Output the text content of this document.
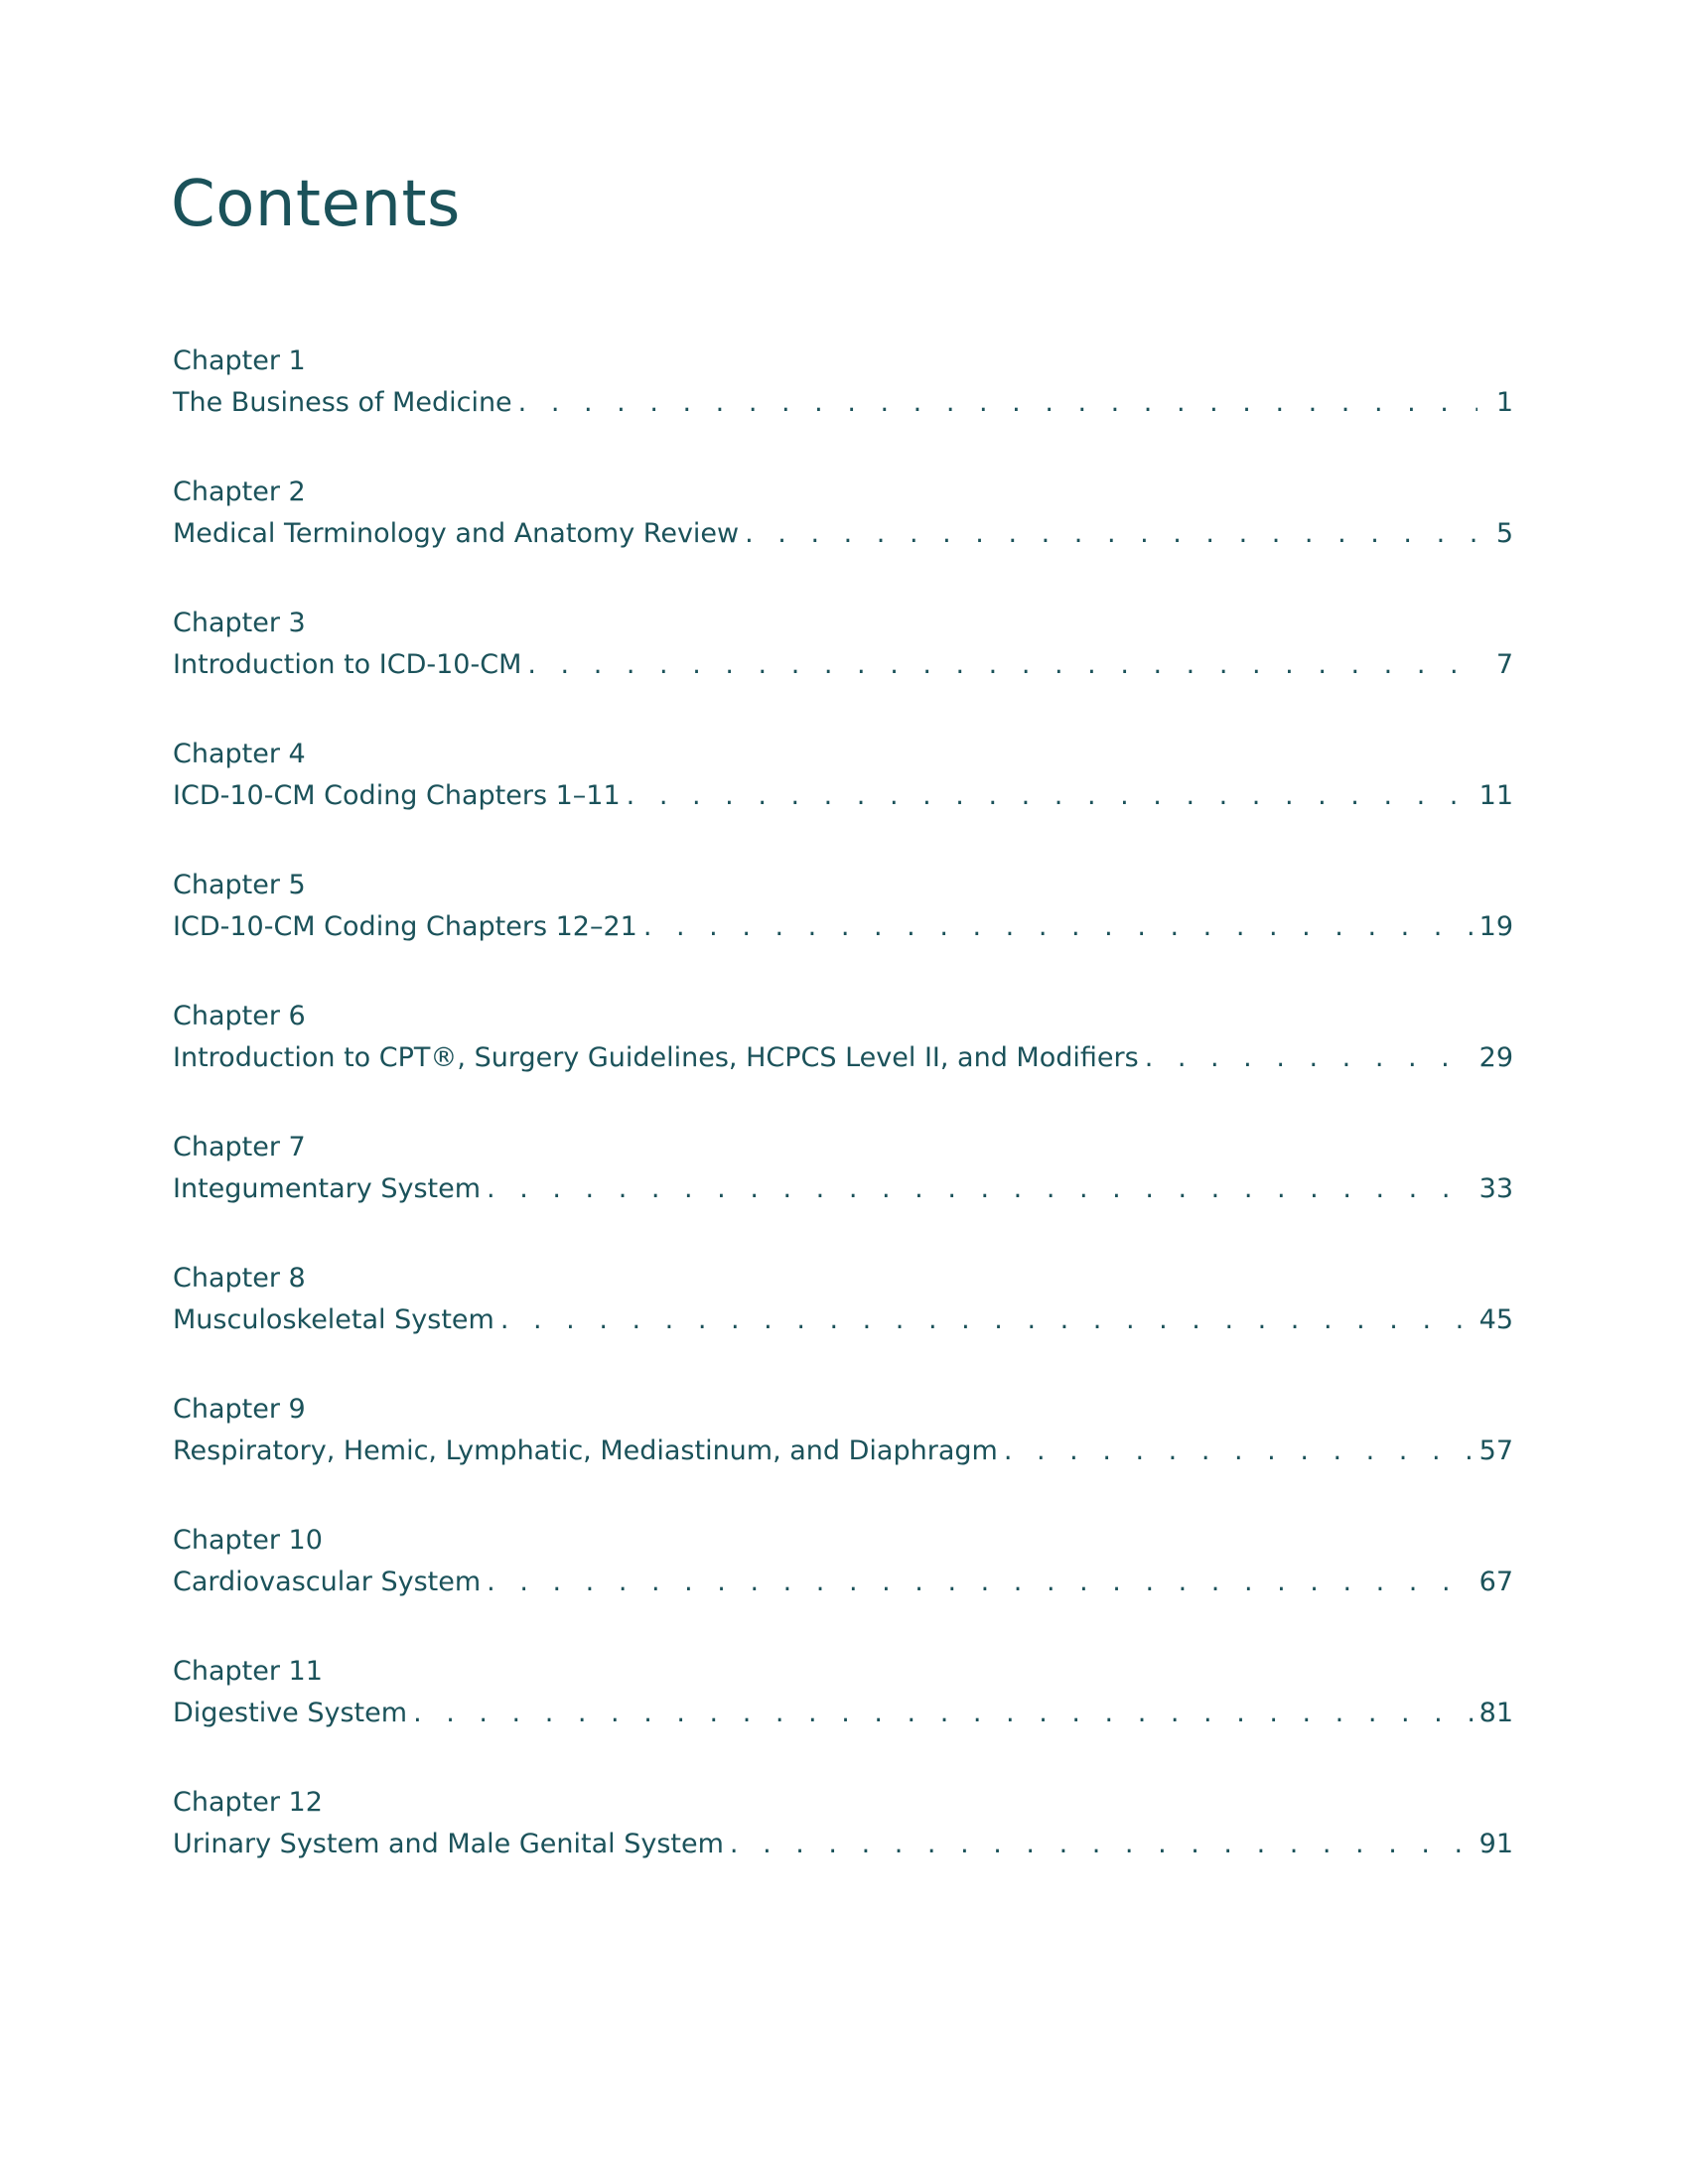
Contents
Chapter 1
The Business of Medicine . . .	1
Chapter 2
Medical Terminology and Anatomy Review . . .	5
Chapter 3
Introduction to ICD-10-CM . . .	7
Chapter 4
ICD-10-CM Coding Chapters 1–11 . . .	11
Chapter 5
ICD-10-CM Coding Chapters 12–21 . . .	19
Chapter 6
Introduction to CPT®, Surgery Guidelines, HCPCS Level II, and Modifiers . . .	29
Chapter 7
Integumentary System . . .	33
Chapter 8
Musculoskeletal System . . .	45
Chapter 9
Respiratory, Hemic, Lymphatic, Mediastinum, and Diaphragm . . .	57
Chapter 10
Cardiovascular System . . .	67
Chapter 11
Digestive System . . .	81
Chapter 12
Urinary System and Male Genital System . . .	91
